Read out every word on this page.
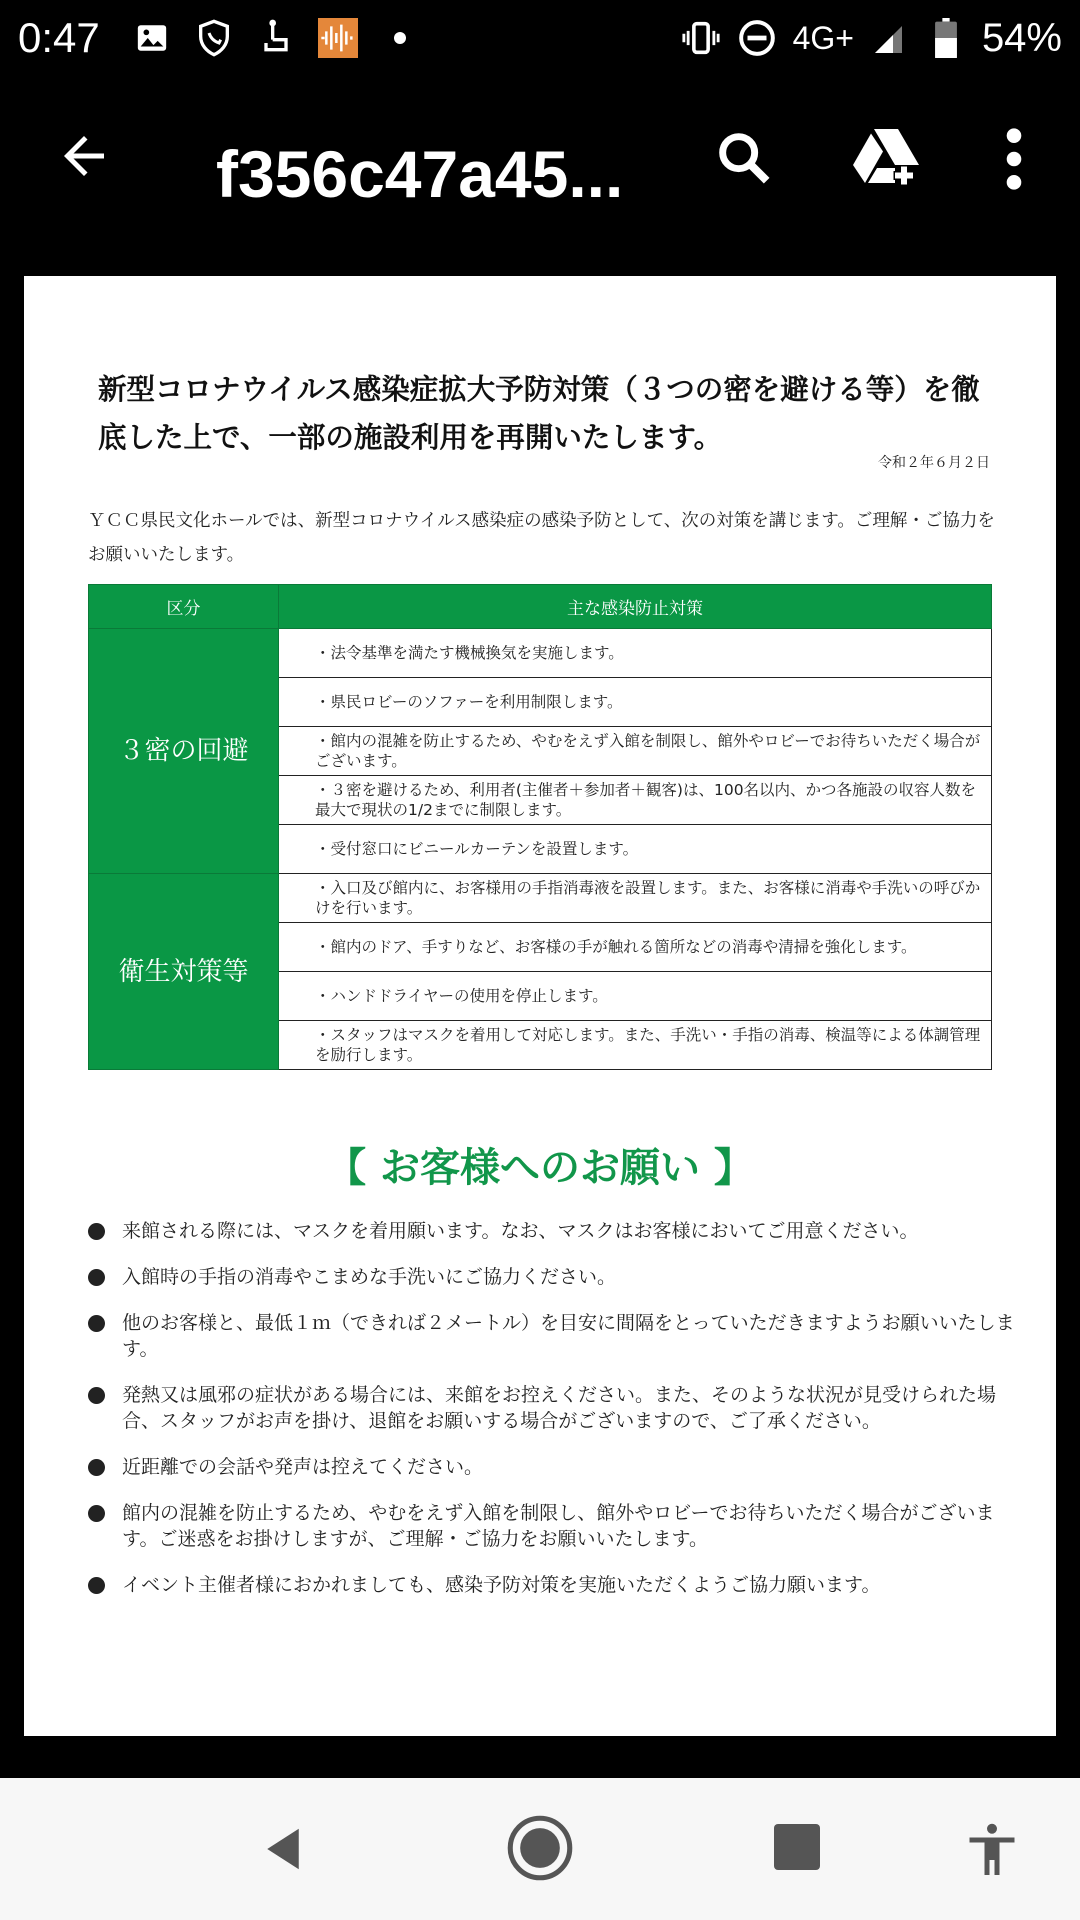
0:47	4G+	54%
f356c47a45...
新型コロナウイルス感染症拡大予防対策（３つの密を避ける等）を徹底した上で、一部の施設利用を再開いたします。
令和２年６月２日
ＹＣＣ県民文化ホールでは、新型コロナウイルス感染症の感染予防として、次の対策を講じます。ご理解・ご協力をお願いいたします。
区分	主な感染防止対策
３密の回避	・法令基準を満たす機械換気を実施します。
	・県民ロビーのソファーを利用制限します。
	・館内の混雑を防止するため、やむをえず入館を制限し、館外やロビーでお待ちいただく場合がございます。
	・３密を避けるため、利用者(主催者＋参加者＋観客)は、100名以内、かつ各施設の収容人数を最大で現状の1/2までに制限します。
	・受付窓口にビニールカーテンを設置します。
衛生対策等	・入口及び館内に、お客様用の手指消毒液を設置します。また、お客様に消毒や手洗いの呼びかけを行います。
	・館内のドア、手すりなど、お客様の手が触れる箇所などの消毒や清掃を強化します。
	・ハンドドライヤーの使用を停止します。
	・スタッフはマスクを着用して対応します。また、手洗い・手指の消毒、検温等による体調管理を励行します。
【 お客様へのお願い 】
来館される際には、マスクを着用願います。なお、マスクはお客様においてご用意ください。
入館時の手指の消毒やこまめな手洗いにご協力ください。
他のお客様と、最低１ｍ（できれば２メートル）を目安に間隔をとっていただきますようお願いいたします。
発熱又は風邪の症状がある場合には、来館をお控えください。また、そのような状況が見受けられた場合、スタッフがお声を掛け、退館をお願いする場合がございますので、ご了承ください。
近距離での会話や発声は控えてください。
館内の混雑を防止するため、やむをえず入館を制限し、館外やロビーでお待ちいただく場合がございます。ご迷惑をお掛けしますが、ご理解・ご協力をお願いいたします。
イベント主催者様におかれましても、感染予防対策を実施いただくようご協力願います。
